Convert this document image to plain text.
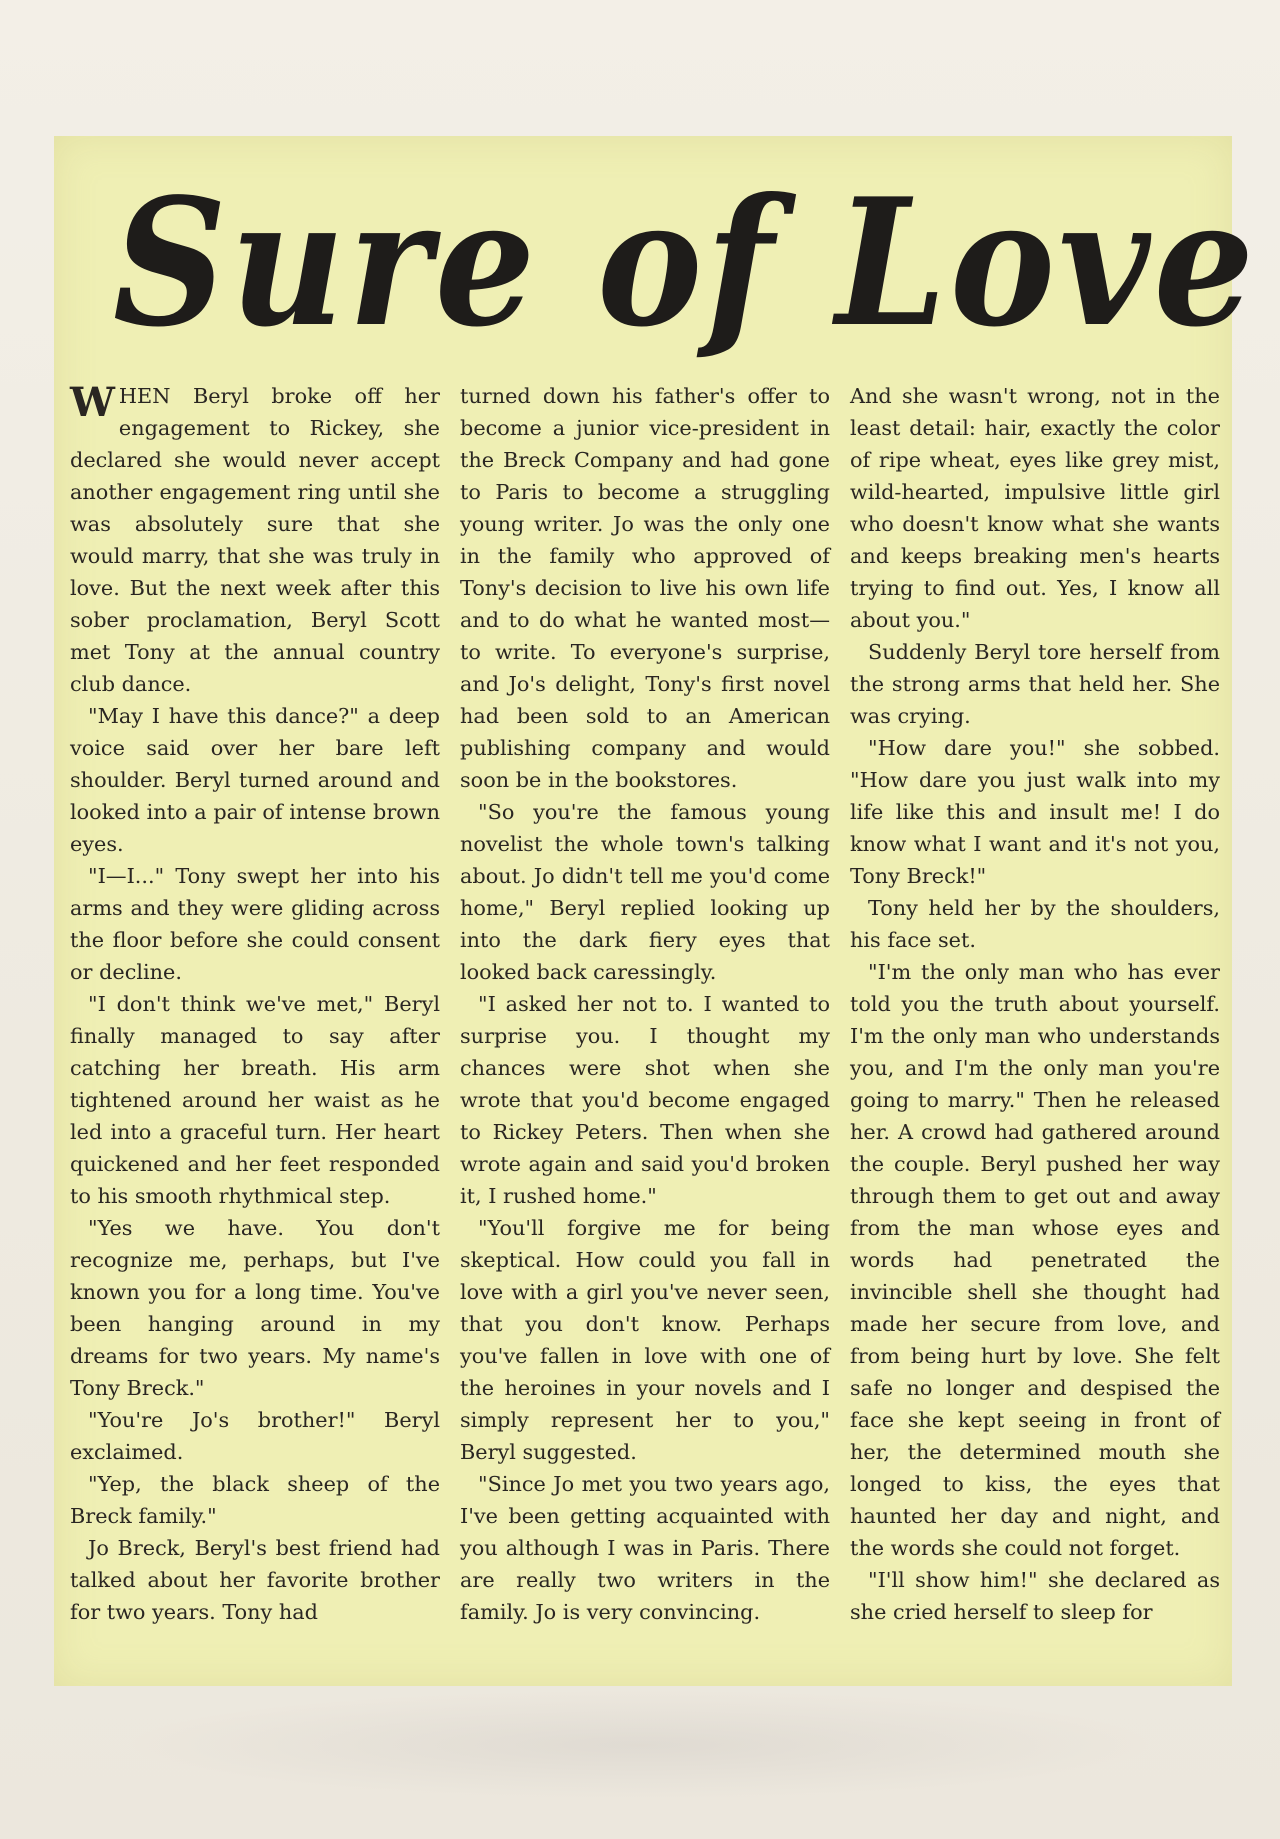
Sure of Love

WHEN Beryl broke off her engagement to Rickey, she declared she would never accept another engagement ring until she was absolutely sure that she would marry, that she was truly in love. But the next week after this sober proclamation, Beryl Scott met Tony at the annual country club dance.

"May I have this dance?" a deep voice said over her bare left shoulder. Beryl turned around and looked into a pair of intense brown eyes.

"I—I..." Tony swept her into his arms and they were gliding across the floor before she could consent or decline.

"I don't think we've met," Beryl finally managed to say after catching her breath. His arm tightened around her waist as he led into a graceful turn. Her heart quickened and her feet responded to his smooth rhythmical step.

"Yes we have. You don't recognize me, perhaps, but I've known you for a long time. You've been hanging around in my dreams for two years. My name's Tony Breck."

"You're Jo's brother!" Beryl exclaimed.

"Yep, the black sheep of the Breck family."

Jo Breck, Beryl's best friend had talked about her favorite brother for two years. Tony had

turned down his father's offer to become a junior vice-president in the Breck Company and had gone to Paris to become a struggling young writer. Jo was the only one in the family who approved of Tony's decision to live his own life and to do what he wanted most—to write. To everyone's surprise, and Jo's delight, Tony's first novel had been sold to an American publishing company and would soon be in the bookstores.

"So you're the famous young novelist the whole town's talking about. Jo didn't tell me you'd come home," Beryl replied looking up into the dark fiery eyes that looked back caressingly.

"I asked her not to. I wanted to surprise you. I thought my chances were shot when she wrote that you'd become engaged to Rickey Peters. Then when she wrote again and said you'd broken it, I rushed home."

"You'll forgive me for being skeptical. How could you fall in love with a girl you've never seen, that you don't know. Perhaps you've fallen in love with one of the heroines in your novels and I simply represent her to you," Beryl suggested.

"Since Jo met you two years ago, I've been getting acquainted with you although I was in Paris. There are really two writers in the family. Jo is very convincing.

And she wasn't wrong, not in the least detail: hair, exactly the color of ripe wheat, eyes like grey mist, wild-hearted, impulsive little girl who doesn't know what she wants and keeps breaking men's hearts trying to find out. Yes, I know all about you."

Suddenly Beryl tore herself from the strong arms that held her. She was crying.

"How dare you!" she sobbed. "How dare you just walk into my life like this and insult me! I do know what I want and it's not you, Tony Breck!"

Tony held her by the shoulders, his face set.

"I'm the only man who has ever told you the truth about yourself. I'm the only man who understands you, and I'm the only man you're going to marry." Then he released her. A crowd had gathered around the couple. Beryl pushed her way through them to get out and away from the man whose eyes and words had penetrated the invincible shell she thought had made her secure from love, and from being hurt by love. She felt safe no longer and despised the face she kept seeing in front of her, the determined mouth she longed to kiss, the eyes that haunted her day and night, and the words she could not forget.

"I'll show him!" she declared as she cried herself to sleep for
